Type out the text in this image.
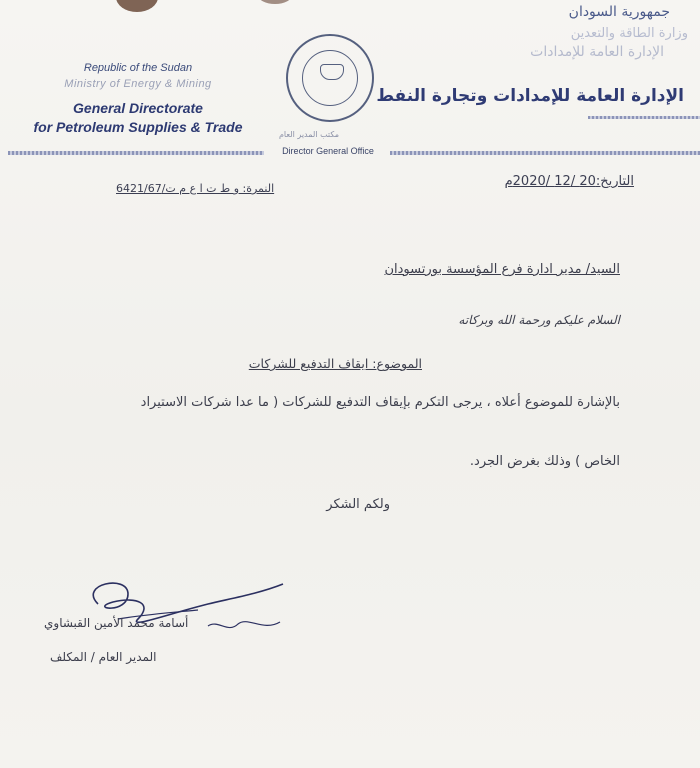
Republic of the Sudan
Ministry of Energy & Mining
General Directorate
for Petroleum Supplies & Trade
جمهورية السودان
وزارة الطاقة والتعدين
الإدارة العامة للإمدادات
الإدارة العامة للإمدادات وتجارة النفط
مكتب المدير العام
Director General Office
النمرة: و ط ت ا ع م ت/6421/67	التاريخ:20 /12 /2020م
السيد/ مدير ادارة فرع المؤسسة بورتسودان
السلام عليكم ورحمة الله وبركاته
الموضوع: ايقاف التدفيع للشركات
بالإشارة للموضوع أعلاه ، يرجى التكرم بإيقاف التدفيع للشركات ( ما عدا شركات الاستيراد
الخاص ) وذلك بغرض الجرد.
ولكم الشكر
أسامة محمد الأمين القبشاوي
المدير العام / المكلف
